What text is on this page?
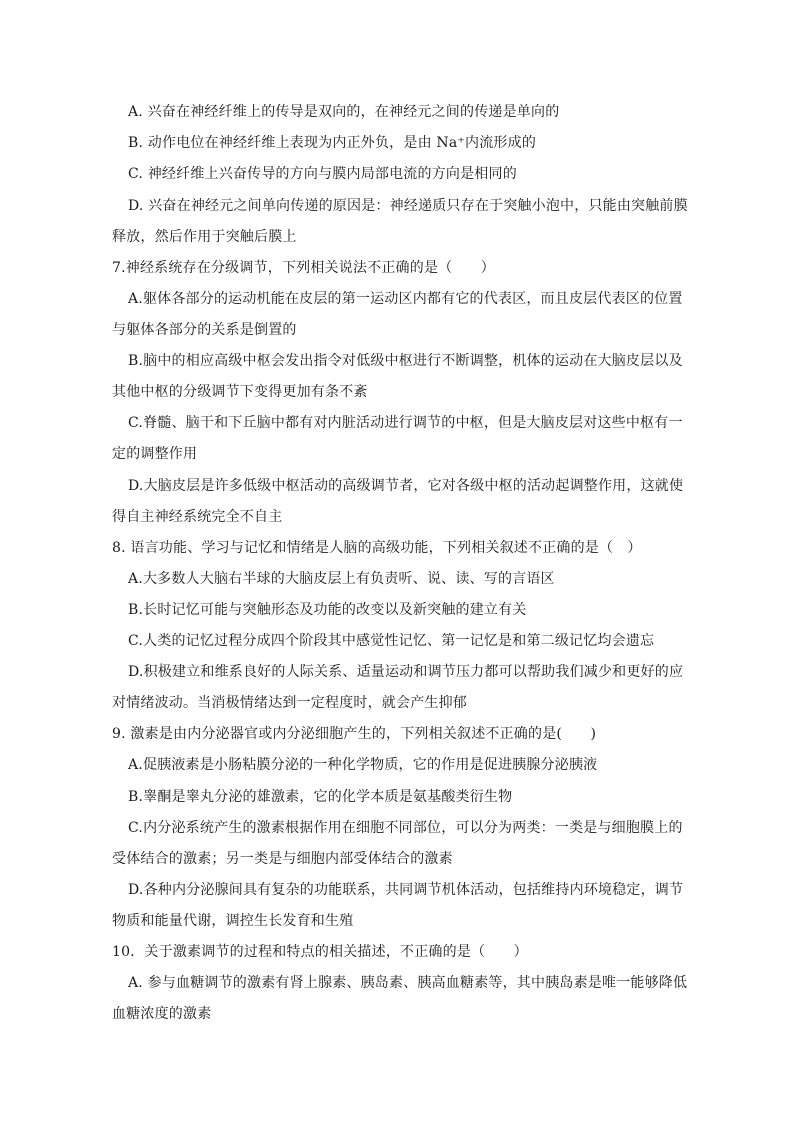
A. 兴奋在神经纤维上的传导是双向的，在神经元之间的传递是单向的
B. 动作电位在神经纤维上表现为内正外负，是由 Na⁺内流形成的
C. 神经纤维上兴奋传导的方向与膜内局部电流的方向是相同的
D. 兴奋在神经元之间单向传递的原因是：神经递质只存在于突触小泡中，只能由突触前膜
释放，然后作用于突触后膜上
7.神经系统存在分级调节，下列相关说法不正确的是（　　）
A.躯体各部分的运动机能在皮层的第一运动区内都有它的代表区，而且皮层代表区的位置
与躯体各部分的关系是倒置的
B.脑中的相应高级中枢会发出指令对低级中枢进行不断调整，机体的运动在大脑皮层以及
其他中枢的分级调节下变得更加有条不紊
C.脊髓、脑干和下丘脑中都有对内脏活动进行调节的中枢，但是大脑皮层对这些中枢有一
定的调整作用
D.大脑皮层是许多低级中枢活动的高级调节者，它对各级中枢的活动起调整作用，这就使
得自主神经系统完全不自主
8. 语言功能、学习与记忆和情绪是人脑的高级功能，下列相关叙述不正确的是（　）
A.大多数人大脑右半球的大脑皮层上有负责听、说、读、写的言语区
B.长时记忆可能与突触形态及功能的改变以及新突触的建立有关
C.人类的记忆过程分成四个阶段其中感觉性记忆、第一记忆是和第二级记忆均会遗忘
D.积极建立和维系良好的人际关系、适量运动和调节压力都可以帮助我们减少和更好的应
对情绪波动。当消极情绪达到一定程度时，就会产生抑郁
9. 激素是由内分泌器官或内分泌细胞产生的，下列相关叙述不正确的是(　　)
A.促胰液素是小肠粘膜分泌的一种化学物质，它的作用是促进胰腺分泌胰液
B.睾酮是睾丸分泌的雄激素，它的化学本质是氨基酸类衍生物
C.内分泌系统产生的激素根据作用在细胞不同部位，可以分为两类：一类是与细胞膜上的
受体结合的激素；另一类是与细胞内部受体结合的激素
D.各种内分泌腺间具有复杂的功能联系，共同调节机体活动，包括维持内环境稳定，调节
物质和能量代谢，调控生长发育和生殖
10．关于激素调节的过程和特点的相关描述，不正确的是（　　）
A. 参与血糖调节的激素有肾上腺素、胰岛素、胰高血糖素等，其中胰岛素是唯一能够降低
血糖浓度的激素
